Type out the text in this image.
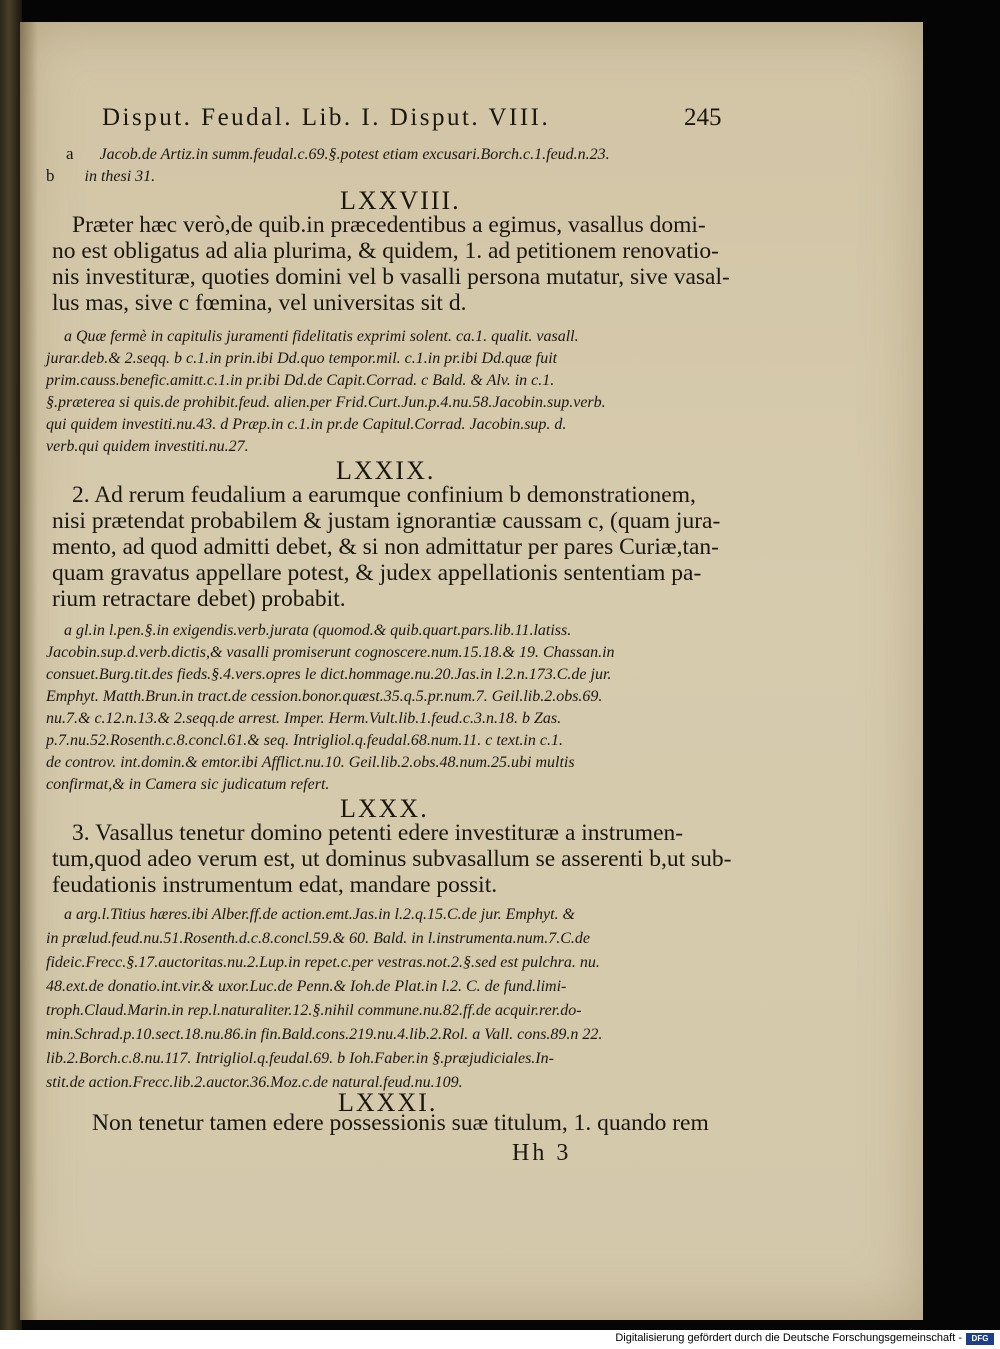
Disput. Feudal. Lib. I. Disput. VIII.	245
a Jacob.de Artiz.in summ.feudal.c.69.§.potest etiam excusari.Borch.c.1.feud.n.23.
b in thesi 31.
LXXVIII.
Præter hæc verò,de quib.in præcedentibus a egimus, vasallus domi-
no est obligatus ad alia plurima, & quidem, 1. ad petitionem renovatio-
nis investituræ, quoties domini vel b vasalli persona mutatur, sive vasal-
lus mas, sive c fœmina, vel universitas sit d.
a Quæ fermè in capitulis juramenti fidelitatis exprimi solent. ca.1. qualit. vasall.
jurar.deb.& 2.seqq. b c.1.in prin.ibi Dd.quo tempor.mil. c.1.in pr.ibi Dd.quæ fuit
prim.causs.benefic.amitt.c.1.in pr.ibi Dd.de Capit.Corrad. c Bald. & Alv. in c.1.
§.præterea si quis.de prohibit.feud. alien.per Frid.Curt.Jun.p.4.nu.58.Jacobin.sup.verb.
qui quidem investiti.nu.43. d Præp.in c.1.in pr.de Capitul.Corrad. Jacobin.sup. d.
verb.qui quidem investiti.nu.27.
LXXIX.
2. Ad rerum feudalium a earumque confinium b demonstrationem,
nisi prætendat probabilem & justam ignorantiæ caussam c, (quam jura-
mento, ad quod admitti debet, & si non admittatur per pares Curiæ,tan-
quam gravatus appellare potest, & judex appellationis sententiam pa-
rium retractare debet) probabit.
a gl.in l.pen.§.in exigendis.verb.jurata (quomod.& quib.quart.pars.lib.11.latiss.
Jacobin.sup.d.verb.dictis,& vasalli promiserunt cognoscere.num.15.18.& 19. Chassan.in
consuet.Burg.tit.des fieds.§.4.vers.opres le dict.hommage.nu.20.Jas.in l.2.n.173.C.de jur.
Emphyt. Matth.Brun.in tract.de cession.bonor.quæst.35.q.5.pr.num.7. Geil.lib.2.obs.69.
nu.7.& c.12.n.13.& 2.seqq.de arrest. Imper. Herm.Vult.lib.1.feud.c.3.n.18. b Zas.
p.7.nu.52.Rosenth.c.8.concl.61.& seq. Intrigliol.q.feudal.68.num.11. c text.in c.1.
de controv. int.domin.& emtor.ibi Afflict.nu.10. Geil.lib.2.obs.48.num.25.ubi multis
confirmat,& in Camera sic judicatum refert.
LXXX.
3. Vasallus tenetur domino petenti edere investituræ a instrumen-
tum,quod adeo verum est, ut dominus subvasallum se asserenti b,ut sub-
feudationis instrumentum edat, mandare possit.
a arg.l.Titius hæres.ibi Alber.ff.de action.emt.Jas.in l.2.q.15.C.de jur. Emphyt. &
in prælud.feud.nu.51.Rosenth.d.c.8.concl.59.& 60. Bald. in l.instrumenta.num.7.C.de
fideic.Frecc.§.17.auctoritas.nu.2.Lup.in repet.c.per vestras.not.2.§.sed est pulchra. nu.
48.ext.de donatio.int.vir.& uxor.Luc.de Penn.& Ioh.de Plat.in l.2. C. de fund.limi-
troph.Claud.Marin.in rep.l.naturaliter.12.§.nihil commune.nu.82.ff.de acquir.rer.do-
min.Schrad.p.10.sect.18.nu.86.in fin.Bald.cons.219.nu.4.lib.2.Rol. a Vall. cons.89.n 22.
lib.2.Borch.c.8.nu.117. Intrigliol.q.feudal.69. b Ioh.Faber.in §.præjudiciales.In-
stit.de action.Frecc.lib.2.auctor.36.Moz.c.de natural.feud.nu.109.
LXXXI.
Non tenetur tamen edere possessionis suæ titulum, 1. quando rem
Hh 3
Digitalisierung gefördert durch die Deutsche Forschungsgemeinschaft -	DFG
